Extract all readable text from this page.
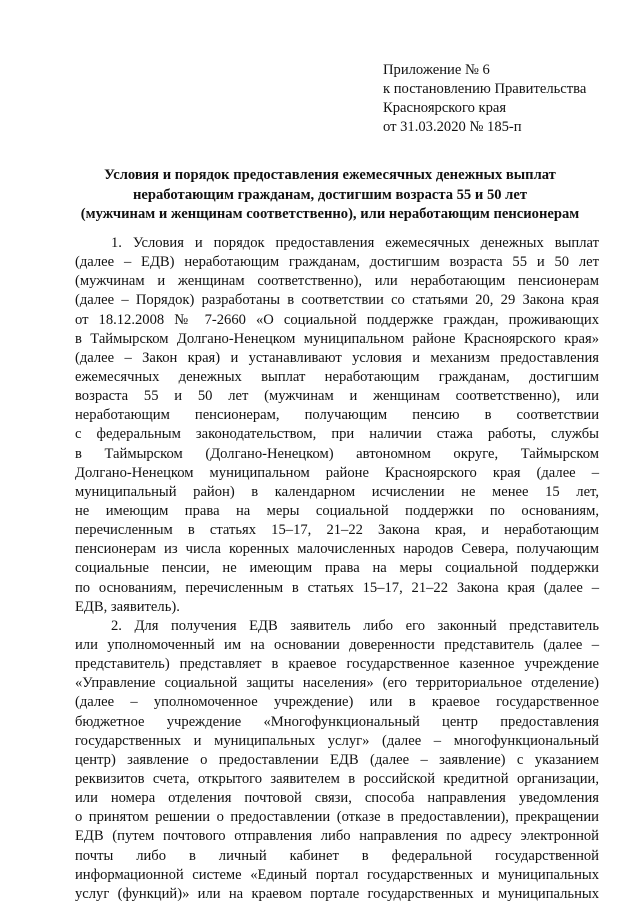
Приложение № 6
к постановлению Правительства
Красноярского края
от 31.03.2020 № 185-п
Условия и порядок предоставления ежемесячных денежных выплат
неработающим гражданам, достигшим возраста 55 и 50 лет
(мужчинам и женщинам соответственно), или неработающим пенсионерам
1. Условия и порядок предоставления ежемесячных денежных выплат
(далее – ЕДВ) неработающим гражданам, достигшим возраста 55 и 50 лет
(мужчинам и женщинам соответственно), или неработающим пенсионерам
(далее – Порядок) разработаны в соответствии со статьями 20, 29 Закона края
от 18.12.2008 № 7-2660 «О социальной поддержке граждан, проживающих
в Таймырском Долгано-Ненецком муниципальном районе Красноярского края»
(далее – Закон края) и устанавливают условия и механизм предоставления
ежемесячных денежных выплат неработающим гражданам, достигшим
возраста 55 и 50 лет (мужчинам и женщинам соответственно), или
неработающим пенсионерам, получающим пенсию в соответствии
с федеральным законодательством, при наличии стажа работы, службы
в Таймырском (Долгано-Ненецком) автономном округе, Таймырском
Долгано-Ненецком муниципальном районе Красноярского края (далее –
муниципальный район) в календарном исчислении не менее 15 лет,
не имеющим права на меры социальной поддержки по основаниям,
перечисленным в статьях 15–17, 21–22 Закона края, и неработающим
пенсионерам из числа коренных малочисленных народов Севера, получающим
социальные пенсии, не имеющим права на меры социальной поддержки
по основаниям, перечисленным в статьях 15–17, 21–22 Закона края (далее –
ЕДВ, заявитель).
2. Для получения ЕДВ заявитель либо его законный представитель
или уполномоченный им на основании доверенности представитель (далее –
представитель) представляет в краевое государственное казенное учреждение
«Управление социальной защиты населения» (его территориальное отделение)
(далее – уполномоченное учреждение) или в краевое государственное
бюджетное учреждение «Многофункциональный центр предоставления
государственных и муниципальных услуг» (далее – многофункциональный
центр) заявление о предоставлении ЕДВ (далее – заявление) с указанием
реквизитов счета, открытого заявителем в российской кредитной организации,
или номера отделения почтовой связи, способа направления уведомления
о принятом решении о предоставлении (отказе в предоставлении), прекращении
ЕДВ (путем почтового отправления либо направления по адресу электронной
почты либо в личный кабинет в федеральной государственной
информационной системе «Единый портал государственных и муниципальных
услуг (функций)» или на краевом портале государственных и муниципальных
